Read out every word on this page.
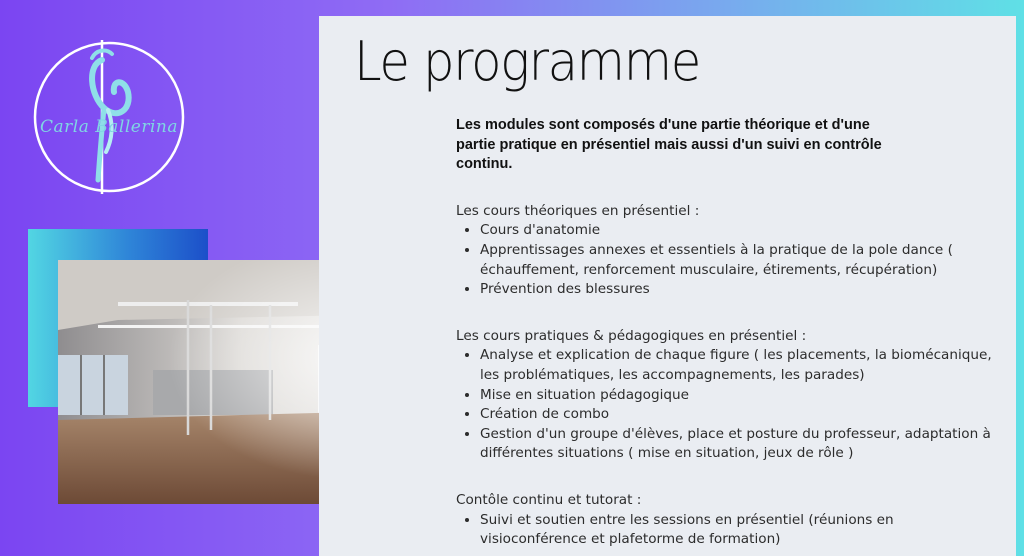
Carla Ballerina
Le programme

Les modules sont composés d'une partie théorique et d'une partie pratique en présentiel mais aussi d'un suivi en contrôle continu.

Les cours théoriques en présentiel :
• Cours d'anatomie
• Apprentissages annexes et essentiels à la pratique de la pole dance ( échauffement, renforcement musculaire, étirements, récupération)
• Prévention des blessures
Les cours pratiques & pédagogiques en présentiel :
• Analyse et explication de chaque figure ( les placements, la biomécanique, les problématiques, les accompagnements, les parades)
• Mise en situation pédagogique
• Création de combo
• Gestion d'un groupe d'élèves, place et posture du professeur, adaptation à différentes situations ( mise en situation, jeux de rôle )
Contôle continu et tutorat :
• Suivi et soutien entre les sessions en présentiel (réunions en visioconférence et plafetorme de formation)
